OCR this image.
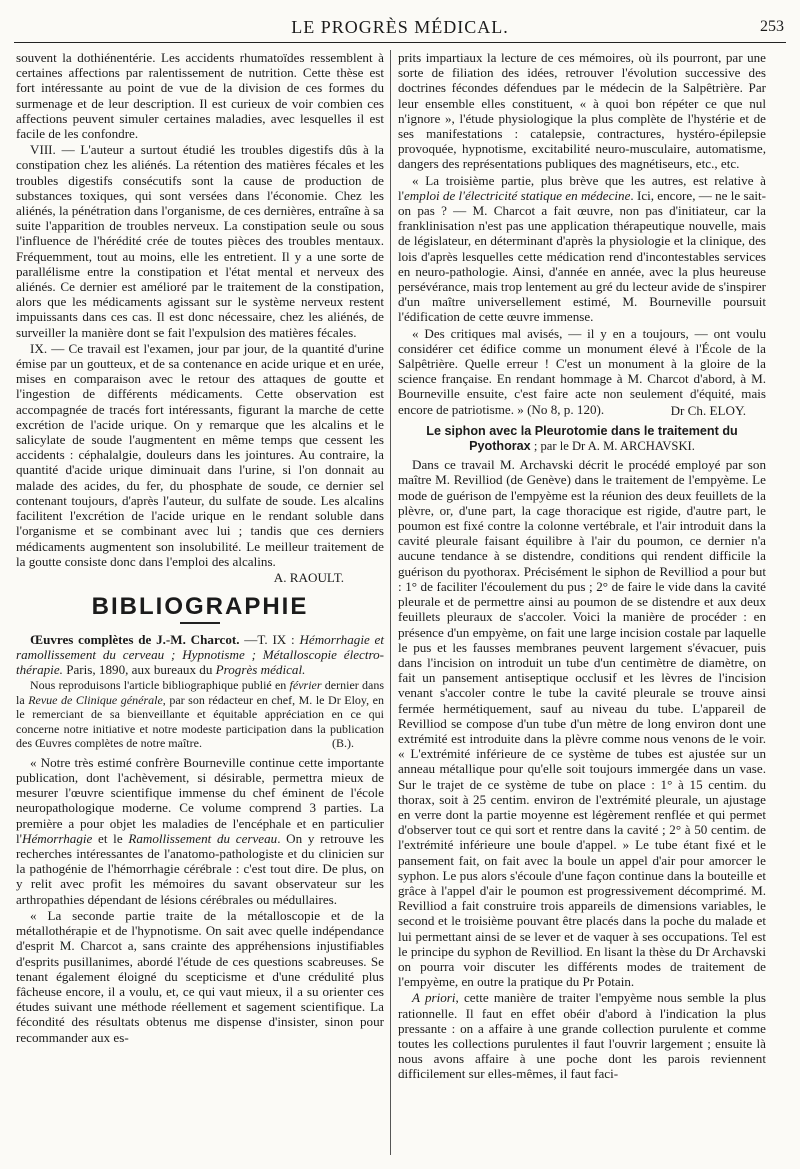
LE PROGRÈS MÉDICAL.	253

souvent la dothiénentérie. Les accidents rhumatoïdes ressemblent à certaines affections par ralentissement de nutrition. Cette thèse est fort intéressante au point de vue de la division de ces formes du surmenage et de leur description. Il est curieux de voir combien ces affections peuvent simuler certaines maladies, avec lesquelles il est facile de les confondre.

VIII. — L'auteur a surtout étudié les troubles digestifs dûs à la constipation chez les aliénés. La rétention des matières fécales et les troubles digestifs consécutifs sont la cause de production de substances toxiques, qui sont versées dans l'économie. Chez les aliénés, la pénétration dans l'organisme, de ces dernières, entraîne à sa suite l'apparition de troubles nerveux. La constipation seule ou sous l'influence de l'hérédité crée de toutes pièces des troubles mentaux. Fréquemment, tout au moins, elle les entretient. Il y a une sorte de parallélisme entre la constipation et l'état mental et nerveux des aliénés. Ce dernier est amélioré par le traitement de la constipation, alors que les médicaments agissant sur le système nerveux restent impuissants dans ces cas. Il est donc nécessaire, chez les aliénés, de surveiller la manière dont se fait l'expulsion des matières fécales.

IX. — Ce travail est l'examen, jour par jour, de la quantité d'urine émise par un goutteux, et de sa contenance en acide urique et en urée, mises en comparaison avec le retour des attaques de goutte et l'ingestion de différents médicaments. Cette observation est accompagnée de tracés fort intéressants, figurant la marche de cette excrétion de l'acide urique. On y remarque que les alcalins et le salicylate de soude l'augmentent en même temps que cessent les accidents : céphalalgie, douleurs dans les jointures. Au contraire, la quantité d'acide urique diminuait dans l'urine, si l'on donnait au malade des acides, du fer, du phosphate de soude, ce dernier sel contenant toujours, d'après l'auteur, du sulfate de soude. Les alcalins facilitent l'excrétion de l'acide urique en le rendant soluble dans l'organisme et se combinant avec lui ; tandis que ces derniers médicaments augmentent son insolubilité. Le meilleur traitement de la goutte consiste donc dans l'emploi des alcalins.

A. RAOULT.
BIBLIOGRAPHIE

Œuvres complètes de J.-M. Charcot. —T. IX : Hémorrhagie et ramollissement du cerveau ; Hypnotisme ; Métalloscopie électro-thérapie. Paris, 1890, aux bureaux du Progrès médical.

Nous reproduisons l'article bibliographique publié en février dernier dans la Revue de Clinique générale, par son rédacteur en chef, M. le Dr Eloy, en le remerciant de sa bienveillante et équitable appréciation en ce qui concerne notre initiative et notre modeste participation dans la publication des Œuvres complètes de notre maître.	(B.).

« Notre très estimé confrère Bourneville continue cette importante publication, dont l'achèvement, si désirable, permettra mieux de mesurer l'œuvre scientifique immense du chef éminent de l'école neuropathologique moderne. Ce volume comprend 3 parties. La première a pour objet les maladies de l'encéphale et en particulier l'Hémorrhagie et le Ramollissement du cerveau. On y retrouve les recherches intéressantes de l'anatomo-pathologiste et du clinicien sur la pathogénie de l'hémorrhagie cérébrale : c'est tout dire. De plus, on y relit avec profit les mémoires du savant observateur sur les arthropathies dépendant de lésions cérébrales ou médullaires.

« La seconde partie traite de la métalloscopie et de la métallothérapie et de l'hypnotisme. On sait avec quelle indépendance d'esprit M. Charcot a, sans crainte des appréhensions injustifiables d'esprits pusillanimes, abordé l'étude de ces questions scabreuses. Se tenant également éloigné du scepticisme et d'une crédulité plus fâcheuse encore, il a voulu, et, ce qui vaut mieux, il a su orienter ces études suivant une méthode réellement et sagement scientifique. La fécondité des résultats obtenus me dispense d'insister, sinon pour recommander aux es-

prits impartiaux la lecture de ces mémoires, où ils pourront, par une sorte de filiation des idées, retrouver l'évolution successive des doctrines fécondes défendues par le médecin de la Salpêtrière. Par leur ensemble elles constituent, « à quoi bon répéter ce que nul n'ignore », l'étude physiologique la plus complète de l'hystérie et de ses manifestations : catalepsie, contractures, hystéro-épilepsie provoquée, hypnotisme, excitabilité neuro-musculaire, automatisme, dangers des représentations publiques des magnétiseurs, etc., etc.

« La troisième partie, plus brève que les autres, est relative à l'emploi de l'électricité statique en médecine. Ici, encore, — ne le sait-on pas ? — M. Charcot a fait œuvre, non pas d'initiateur, car la franklinisation n'est pas une application thérapeutique nouvelle, mais de législateur, en déterminant d'après la physiologie et la clinique, des lois d'après lesquelles cette médication rend d'incontestables services en neuro-pathologie. Ainsi, d'année en année, avec la plus heureuse persévérance, mais trop lentement au gré du lecteur avide de s'inspirer d'un maître universellement estimé, M. Bourneville poursuit l'édification de cette œuvre immense.

« Des critiques mal avisés, — il y en a toujours, — ont voulu considérer cet édifice comme un monument élevé à l'École de la Salpêtrière. Quelle erreur ! C'est un monument à la gloire de la science française. En rendant hommage à M. Charcot d'abord, à M. Bourneville ensuite, c'est faire acte non seulement d'équité, mais encore de patriotisme. » (No 8, p. 120).	Dr Ch. ELOY.
Le siphon avec la Pleurotomie dans le traitement du Pyothorax ; par le Dr A. M. ARCHAVSKI.

Dans ce travail M. Archavski décrit le procédé employé par son maître M. Revilliod (de Genève) dans le traitement de l'empyème. Le mode de guérison de l'empyème est la réunion des deux feuillets de la plèvre, or, d'une part, la cage thoracique est rigide, d'autre part, le poumon est fixé contre la colonne vertébrale, et l'air introduit dans la cavité pleurale faisant équilibre à l'air du poumon, ce dernier n'a aucune tendance à se distendre, conditions qui rendent difficile la guérison du pyothorax. Précisément le siphon de Revilliod a pour but : 1° de faciliter l'écoulement du pus ; 2° de faire le vide dans la cavité pleurale et de permettre ainsi au poumon de se distendre et aux deux feuillets pleuraux de s'accoler. Voici la manière de procéder : en présence d'un empyème, on fait une large incision costale par laquelle le pus et les fausses membranes peuvent largement s'évacuer, puis dans l'incision on introduit un tube d'un centimètre de diamètre, on fait un pansement antiseptique occlusif et les lèvres de l'incision venant s'accoler contre le tube la cavité pleurale se trouve ainsi fermée hermétiquement, sauf au niveau du tube. L'appareil de Revilliod se compose d'un tube d'un mètre de long environ dont une extrémité est introduite dans la plèvre comme nous venons de le voir. « L'extrémité inférieure de ce système de tubes est ajustée sur un anneau métallique pour qu'elle soit toujours immergée dans un vase. Sur le trajet de ce système de tube on place : 1° à 15 centim. du thorax, soit à 25 centim. environ de l'extrémité pleurale, un ajustage en verre dont la partie moyenne est légèrement renflée et qui permet d'observer tout ce qui sort et rentre dans la cavité ; 2° à 50 centim. de l'extrémité inférieure une boule d'appel. » Le tube étant fixé et le pansement fait, on fait avec la boule un appel d'air pour amorcer le syphon. Le pus alors s'écoule d'une façon continue dans la bouteille et grâce à l'appel d'air le poumon est progressivement décomprimé. M. Revilliod a fait construire trois appareils de dimensions variables, le second et le troisième pouvant être placés dans la poche du malade et lui permettant ainsi de se lever et de vaquer à ses occupations. Tel est le principe du syphon de Revilliod. En lisant la thèse du Dr Archavski on pourra voir discuter les différents modes de traitement de l'empyème, en outre la pratique du Pr Potain.

A priori, cette manière de traiter l'empyème nous semble la plus rationnelle. Il faut en effet obéir d'abord à l'indication la plus pressante : on a affaire à une grande collection purulente et comme toutes les collections purulentes il faut l'ouvrir largement ; ensuite là nous avons affaire à une poche dont les parois reviennent difficilement sur elles-mêmes, il faut faci-
